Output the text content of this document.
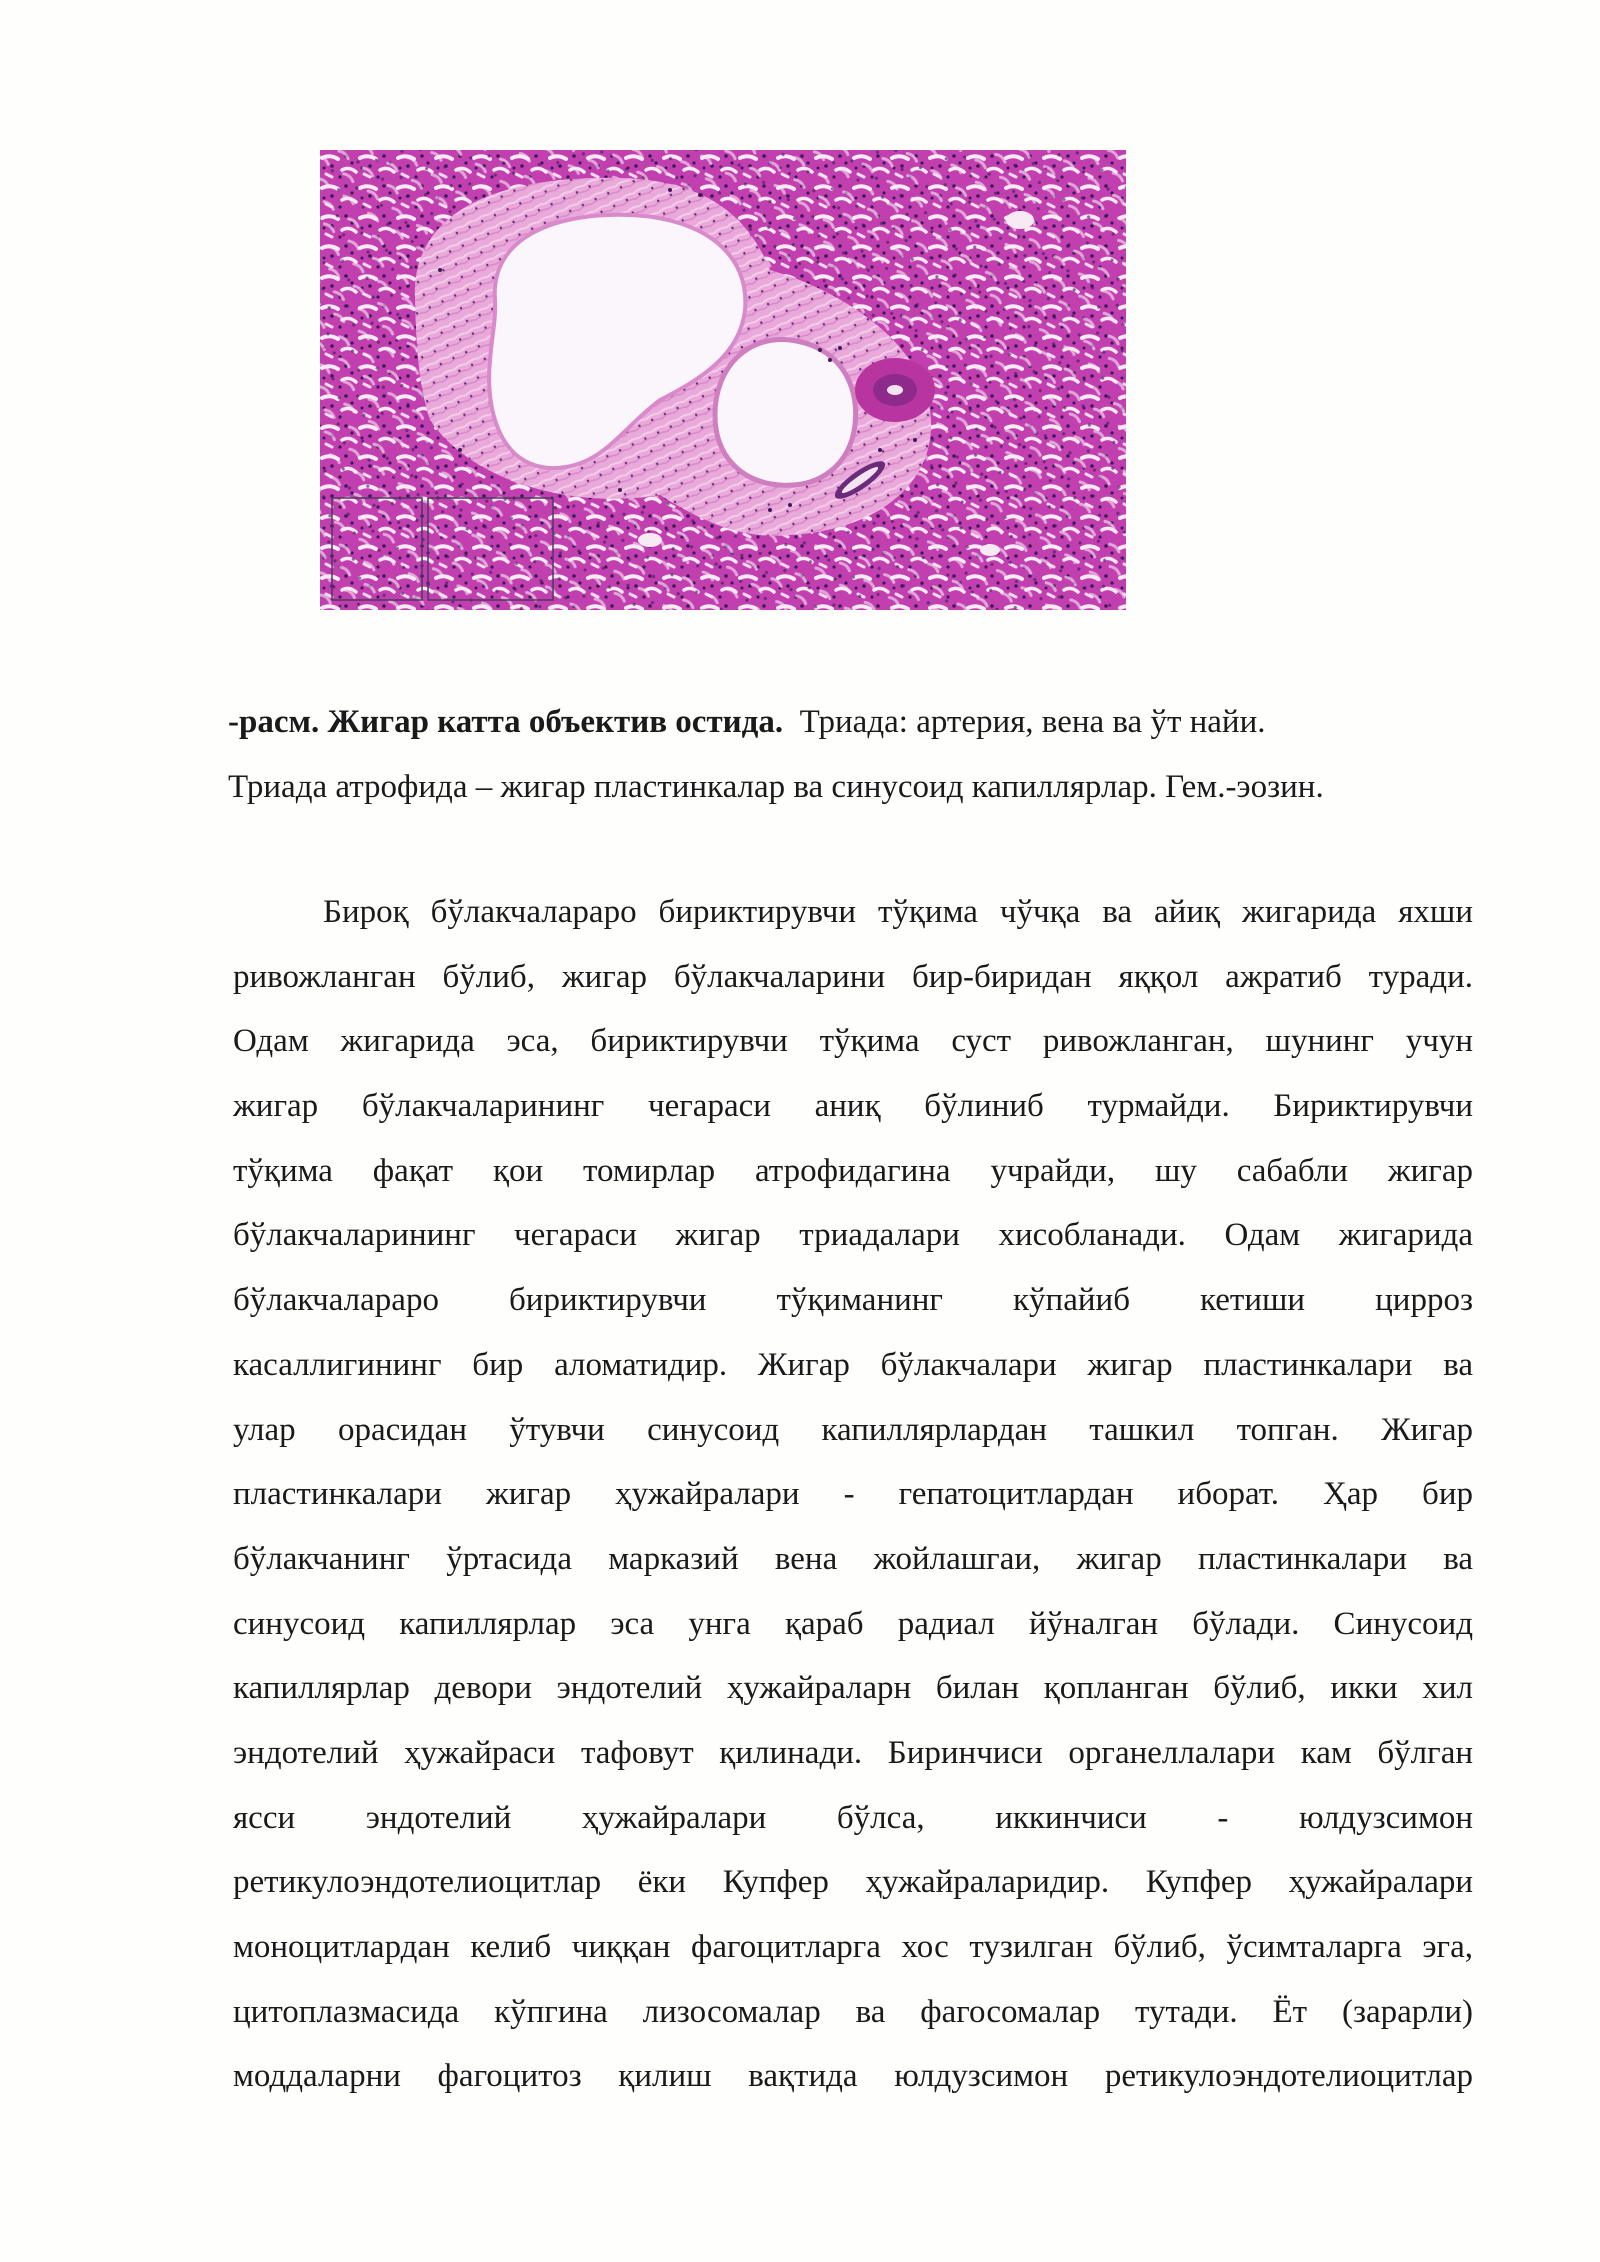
-расм. Жигар катта объектив остида. Триада: артерия, вена ва ўт найи.
Триада атрофида – жигар пластинкалар ва синусоид капиллярлар. Гем.-эозин.

Бироқ бўлакчалараро бириктирувчи тўқима чўчқа ва айиқ жигарида яхши
ривожланган бўлиб, жигар бўлакчаларини бир-биридан яққол ажратиб туради.
Одам жигарида эса, бириктирувчи тўқима суст ривожланган, шунинг учун
жигар бўлакчаларининг чегараси аниқ бўлиниб турмайди. Бириктирувчи
тўқима фақат қои томирлар атрофидагина учрайди, шу сабабли жигар
бўлакчаларининг чегараси жигар триадалари хисобланади. Одам жигарида
бўлакчалараро бириктирувчи тўқиманинг кўпайиб кетиши цирроз
касаллигининг бир аломатидир. Жигар бўлакчалари жигар пластинкалари ва
улар орасидан ўтувчи синусоид капиллярлардан ташкил топган. Жигар
пластинкалари жигар ҳужайралари - гепатоцитлардан иборат. Ҳар бир
бўлакчанинг ўртасида марказий вена жойлашгаи, жигар пластинкалари ва
синусоид капиллярлар эса унга қараб радиал йўналган бўлади. Синусоид
капиллярлар девори эндотелий ҳужайраларн билан қопланган бўлиб, икки хил
эндотелий ҳужайраси тафовут қилинади. Биринчиси органеллалари кам бўлган
ясси эндотелий ҳужайралари бўлса, иккинчиси - юлдузсимон
ретикулоэндотелиоцитлар ёки Купфер ҳужайраларидир. Купфер ҳужайралари
моноцитлардан келиб чиққан фагоцитларга хос тузилган бўлиб, ўсимталарга эга,
цитоплазмасида кўпгина лизосомалар ва фагосомалар тутади. Ёт (зарарли)
моддаларни фагоцитоз қилиш вақтида юлдузсимон ретикулоэндотелиоцитлар
